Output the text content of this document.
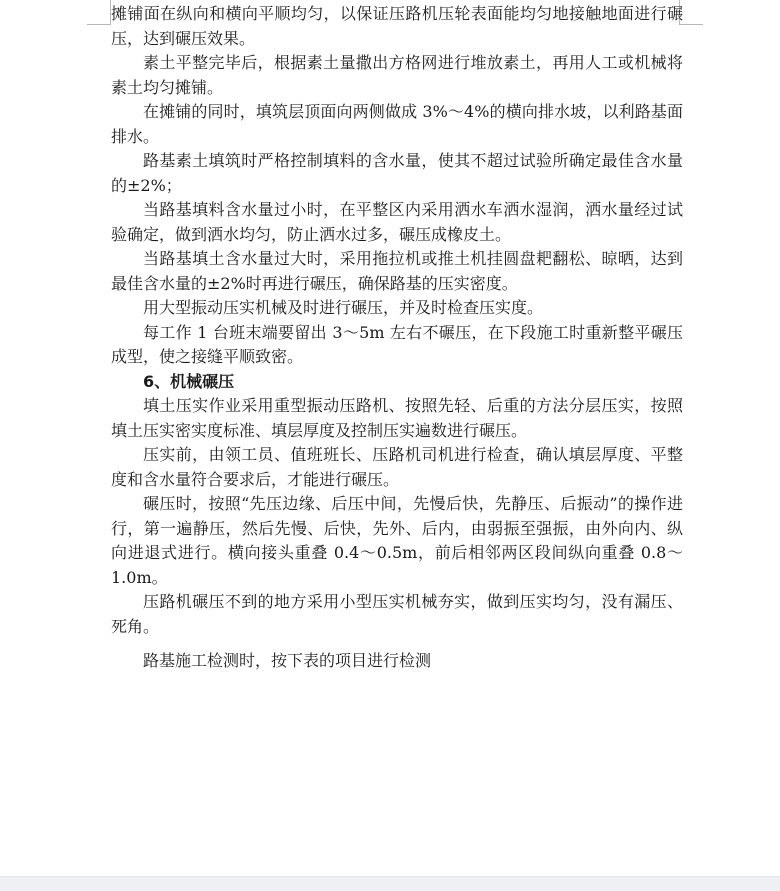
摊铺面在纵向和横向平顺均匀，以保证压路机压轮表面能均匀地接触地面进行碾压，达到碾压效果。

素土平整完毕后，根据素土量撒出方格网进行堆放素土，再用人工或机械将素土均匀摊铺。

在摊铺的同时，填筑层顶面向两侧做成 3%～4%的横向排水坡，以利路基面排水。

路基素土填筑时严格控制填料的含水量，使其不超过试验所确定最佳含水量的±2%；

当路基填料含水量过小时，在平整区内采用洒水车洒水湿润，洒水量经过试验确定，做到洒水均匀，防止洒水过多，碾压成橡皮土。

当路基填土含水量过大时，采用拖拉机或推土机挂圆盘耙翻松、晾晒，达到最佳含水量的±2%时再进行碾压，确保路基的压实密度。

用大型振动压实机械及时进行碾压，并及时检查压实度。

每工作 1 台班末端要留出 3～5m 左右不碾压，在下段施工时重新整平碾压成型，使之接缝平顺致密。

6、机械碾压

填土压实作业采用重型振动压路机、按照先轻、后重的方法分层压实，按照填土压实密实度标准、填层厚度及控制压实遍数进行碾压。

压实前，由领工员、值班班长、压路机司机进行检查，确认填层厚度、平整度和含水量符合要求后，才能进行碾压。

碾压时，按照“先压边缘、后压中间，先慢后快，先静压、后振动”的操作进行，第一遍静压，然后先慢、后快，先外、后内，由弱振至强振，由外向内、纵向进退式进行。横向接头重叠 0.4～0.5m，前后相邻两区段间纵向重叠 0.8～1.0m。

压路机碾压不到的地方采用小型压实机械夯实，做到压实均匀，没有漏压、死角。

路基施工检测时，按下表的项目进行检测
